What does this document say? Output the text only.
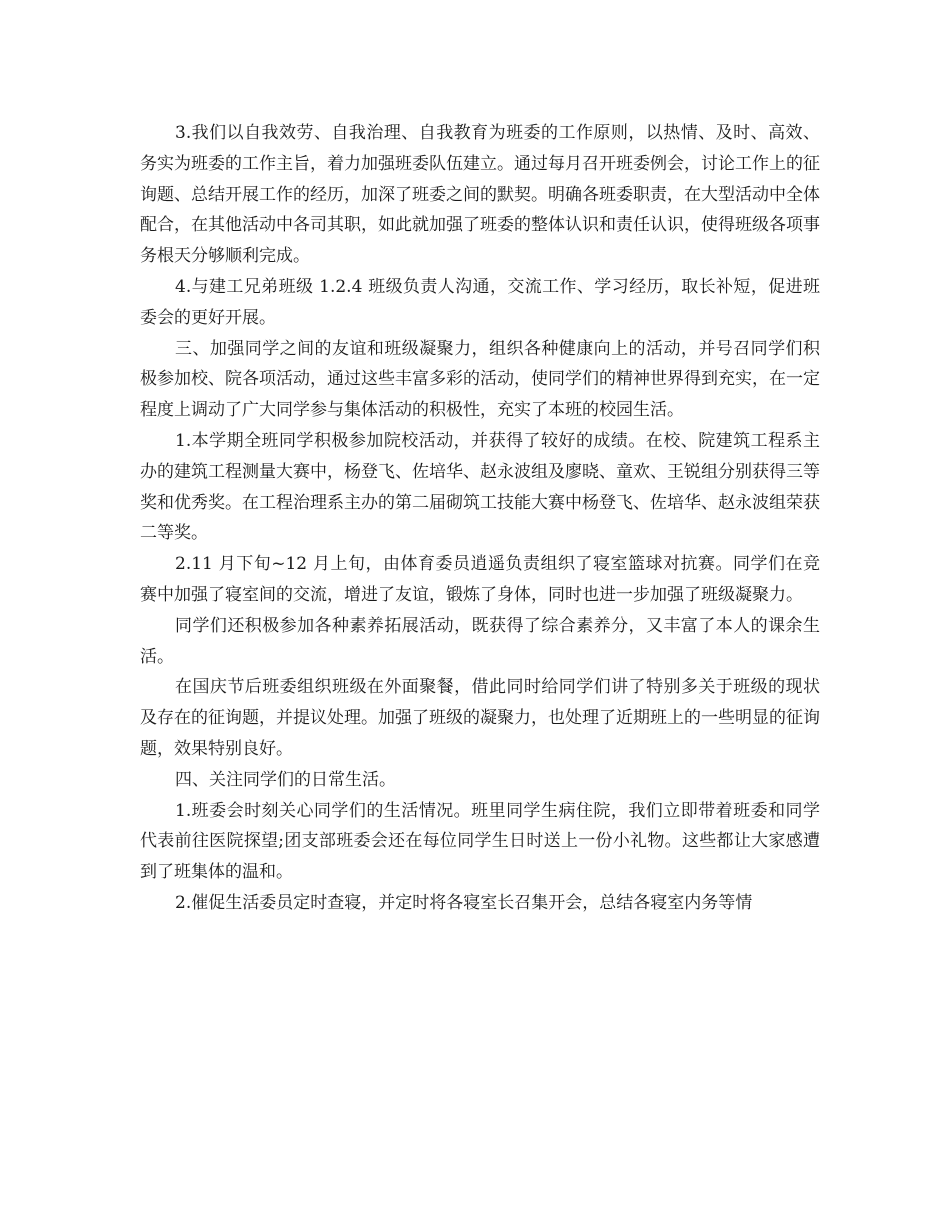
3.我们以自我效劳、自我治理、自我教育为班委的工作原则，以热情、及时、高效、务实为班委的工作主旨，着力加强班委队伍建立。通过每月召开班委例会，讨论工作上的征询题、总结开展工作的经历，加深了班委之间的默契。明确各班委职责，在大型活动中全体配合，在其他活动中各司其职，如此就加强了班委的整体认识和责任认识，使得班级各项事务根天分够顺利完成。

4.与建工兄弟班级 1.2.4 班级负责人沟通，交流工作、学习经历，取长补短，促进班委会的更好开展。

三、加强同学之间的友谊和班级凝聚力，组织各种健康向上的活动，并号召同学们积极参加校、院各项活动，通过这些丰富多彩的活动，使同学们的精神世界得到充实，在一定程度上调动了广大同学参与集体活动的积极性，充实了本班的校园生活。

1.本学期全班同学积极参加院校活动，并获得了较好的成绩。在校、院建筑工程系主办的建筑工程测量大赛中，杨登飞、佐培华、赵永波组及廖晓、童欢、王锐组分别获得三等奖和优秀奖。在工程治理系主办的第二届砌筑工技能大赛中杨登飞、佐培华、赵永波组荣获二等奖。

2.11 月下旬~12 月上旬，由体育委员逍遥负责组织了寝室篮球对抗赛。同学们在竞赛中加强了寝室间的交流，增进了友谊，锻炼了身体，同时也进一步加强了班级凝聚力。

同学们还积极参加各种素养拓展活动，既获得了综合素养分，又丰富了本人的课余生活。

在国庆节后班委组织班级在外面聚餐，借此同时给同学们讲了特别多关于班级的现状及存在的征询题，并提议处理。加强了班级的凝聚力，也处理了近期班上的一些明显的征询题，效果特别良好。

四、关注同学们的日常生活。

1.班委会时刻关心同学们的生活情况。班里同学生病住院，我们立即带着班委和同学代表前往医院探望;团支部班委会还在每位同学生日时送上一份小礼物。这些都让大家感遭到了班集体的温和。

2.催促生活委员定时查寝，并定时将各寝室长召集开会，总结各寝室内务等情
